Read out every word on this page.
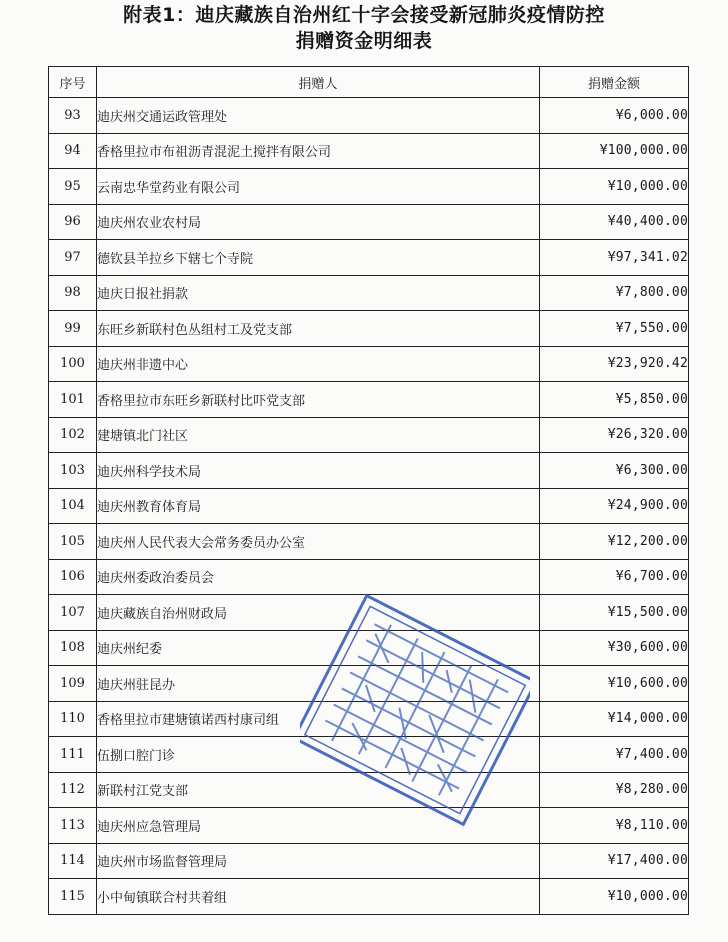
附表1：迪庆藏族自治州红十字会接受新冠肺炎疫情防控
捐赠资金明细表
序号	捐赠人	捐赠金额
93	迪庆州交通运政管理处	¥6,000.00
94	香格里拉市布祖沥青混泥土搅拌有限公司	¥100,000.00
95	云南忠华堂药业有限公司	¥10,000.00
96	迪庆州农业农村局	¥40,400.00
97	德钦县羊拉乡下辖七个寺院	¥97,341.02
98	迪庆日报社捐款	¥7,800.00
99	东旺乡新联村色丛组村工及党支部	¥7,550.00
100	迪庆州非遗中心	¥23,920.42
101	香格里拉市东旺乡新联村比吓党支部	¥5,850.00
102	建塘镇北门社区	¥26,320.00
103	迪庆州科学技术局	¥6,300.00
104	迪庆州教育体育局	¥24,900.00
105	迪庆州人民代表大会常务委员办公室	¥12,200.00
106	迪庆州委政治委员会	¥6,700.00
107	迪庆藏族自治州财政局	¥15,500.00
108	迪庆州纪委	¥30,600.00
109	迪庆州驻昆办	¥10,600.00
110	香格里拉市建塘镇诺西村康司组	¥14,000.00
111	伍捌口腔门诊	¥7,400.00
112	新联村江党支部	¥8,280.00
113	迪庆州应急管理局	¥8,110.00
114	迪庆州市场监督管理局	¥17,400.00
115	小中甸镇联合村共着组	¥10,000.00
